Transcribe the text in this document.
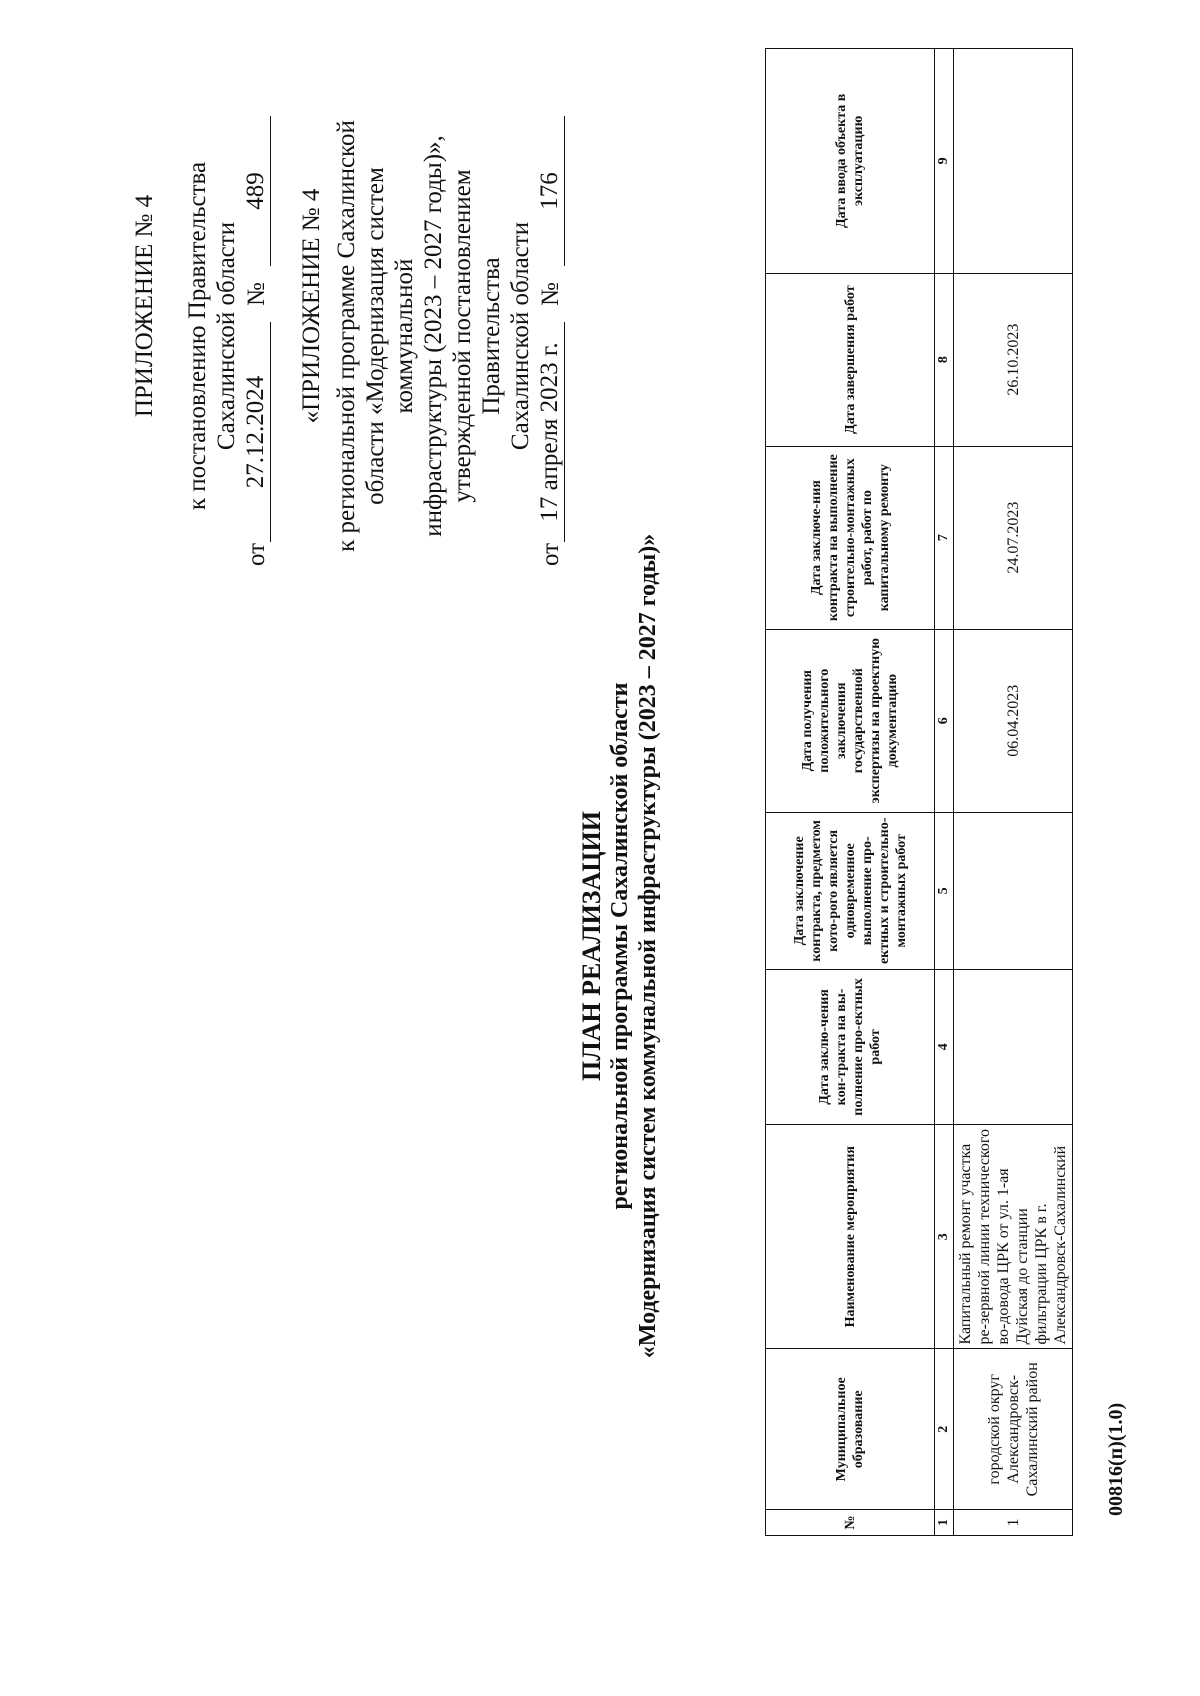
ПРИЛОЖЕНИЕ № 4 к постановлению Правительства Сахалинской области
от
27.12.2024
№
489 «ПРИЛОЖЕНИЕ № 4 к региональной программе Сахалинской области «Модернизация систем коммунальной инфраструктуры (2023 – 2027 годы)», утвержденной постановлением Правительства Сахалинской области
от
17 апреля 2023 г.
№
176
ПЛАН РЕАЛИЗАЦИИ региональной программы Сахалинской области «Модернизация систем коммунальной инфраструктуры (2023 – 2027 годы)»
№	Муниципальное образование	Наименование мероприятия	Дата заклю-чения кон-тракта на вы-полнение про-ектных работ	Дата заключение контракта, предметом кото-рого является одновременное выполнение про-ектных и строительно-монтажных работ	Дата получения положительного заключения государственной экспертизы на проектную документацию	Дата заключе-ния контракта на выполнение строительно-монтажных работ, работ по капитальному ремонту	Дата завершения работ	Дата ввода объекта в эксплуатацию
1	2	3	4	5	6	7	8	9
1	городской округ Александровск-Сахалинский район	Капитальный ремонт участка ре-зервной линии технического во-довода ЦРК от ул. 1-ая Дуйская до станции фильтрации ЦРК в г. Александровск-Сахалинский			06.04.2023	24.07.2023	26.10.2023	
00816(п)(1.0)
